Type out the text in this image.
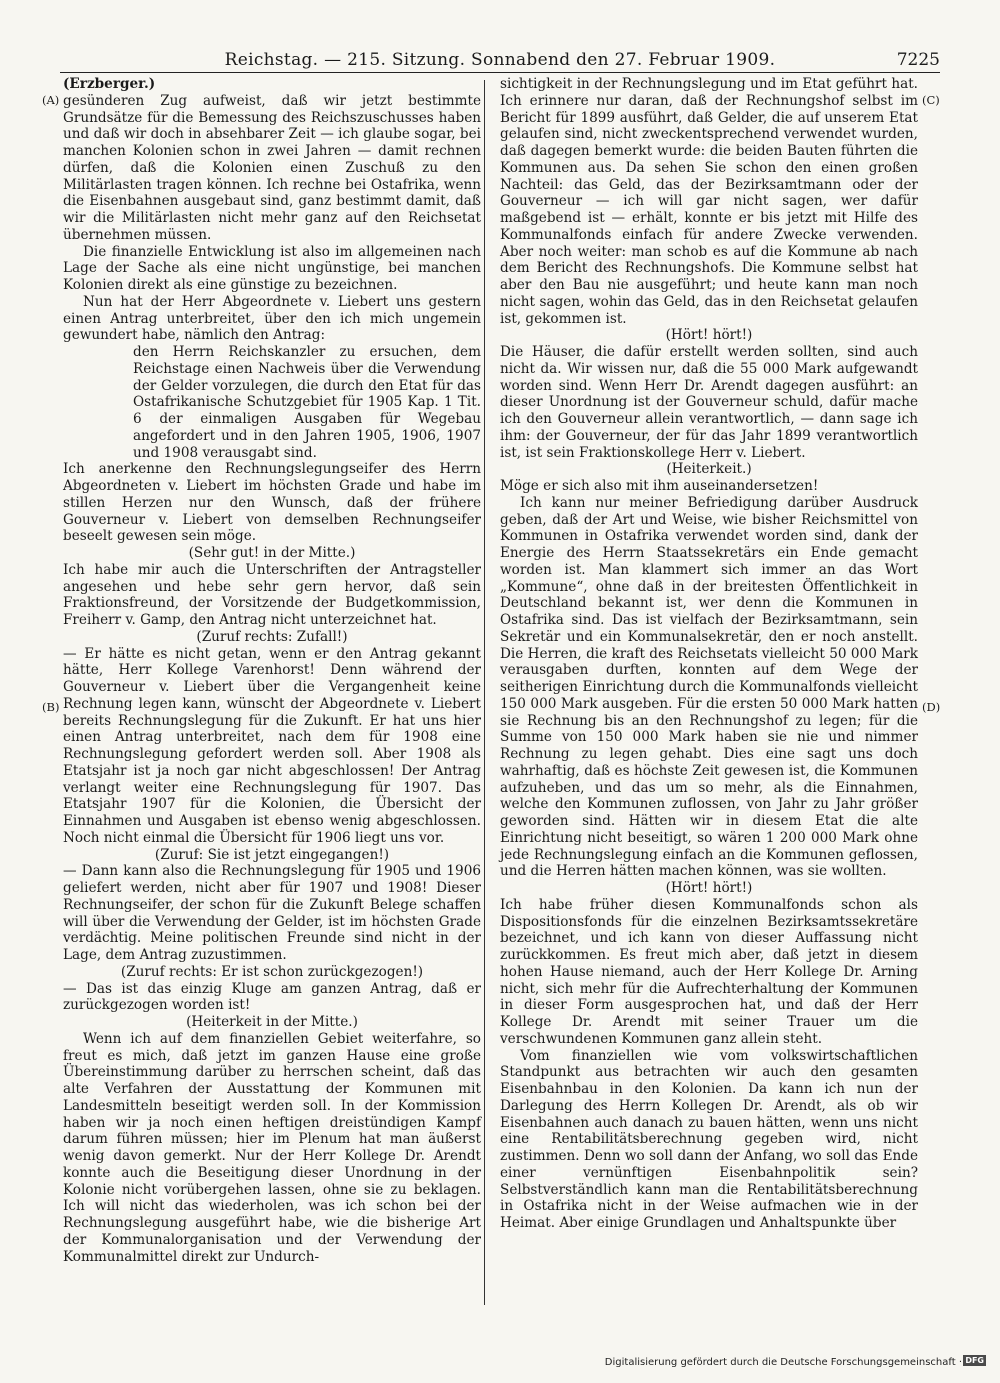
Reichstag. — 215. Sitzung. Sonnabend den 27. Februar 1909.	7225
(A)
(B)
(C)
(D)

(Erzberger.)

gesünderen Zug aufweist, daß wir jetzt bestimmte Grundsätze für die Bemessung des Reichszuschusses haben und daß wir doch in absehbarer Zeit — ich glaube sogar, bei manchen Kolonien schon in zwei Jahren — damit rechnen dürfen, daß die Kolonien einen Zuschuß zu den Militärlasten tragen können. Ich rechne bei Ostafrika, wenn die Eisenbahnen ausgebaut sind, ganz bestimmt damit, daß wir die Militärlasten nicht mehr ganz auf den Reichsetat übernehmen müssen.

Die finanzielle Entwicklung ist also im allgemeinen nach Lage der Sache als eine nicht ungünstige, bei manchen Kolonien direkt als eine günstige zu bezeichnen.

Nun hat der Herr Abgeordnete v. Liebert uns gestern einen Antrag unterbreitet, über den ich mich ungemein gewundert habe, nämlich den Antrag:

den Herrn Reichskanzler zu ersuchen, dem Reichstage einen Nachweis über die Verwendung der Gelder vorzulegen, die durch den Etat für das Ostafrikanische Schutzgebiet für 1905 Kap. 1 Tit. 6 der einmaligen Ausgaben für Wegebau angefordert und in den Jahren 1905, 1906, 1907 und 1908 verausgabt sind.

Ich anerkenne den Rechnungslegungseifer des Herrn Abgeordneten v. Liebert im höchsten Grade und habe im stillen Herzen nur den Wunsch, daß der frühere Gouverneur v. Liebert von demselben Rechnungseifer beseelt gewesen sein möge.

(Sehr gut! in der Mitte.)

Ich habe mir auch die Unterschriften der Antragsteller angesehen und hebe sehr gern hervor, daß sein Fraktionsfreund, der Vorsitzende der Budgetkommission, Freiherr v. Gamp, den Antrag nicht unterzeichnet hat.

(Zuruf rechts: Zufall!)

— Er hätte es nicht getan, wenn er den Antrag gekannt hätte, Herr Kollege Varenhorst! Denn während der Gouverneur v. Liebert über die Vergangenheit keine Rechnung legen kann, wünscht der Abgeordnete v. Liebert bereits Rechnungslegung für die Zukunft. Er hat uns hier einen Antrag unterbreitet, nach dem für 1908 eine Rechnungslegung gefordert werden soll. Aber 1908 als Etatsjahr ist ja noch gar nicht abgeschlossen! Der Antrag verlangt weiter eine Rechnungslegung für 1907. Das Etatsjahr 1907 für die Kolonien, die Übersicht der Einnahmen und Ausgaben ist ebenso wenig abgeschlossen. Noch nicht einmal die Übersicht für 1906 liegt uns vor.

(Zuruf: Sie ist jetzt eingegangen!)

— Dann kann also die Rechnungslegung für 1905 und 1906 geliefert werden, nicht aber für 1907 und 1908! Dieser Rechnungseifer, der schon für die Zukunft Belege schaffen will über die Verwendung der Gelder, ist im höchsten Grade verdächtig. Meine politischen Freunde sind nicht in der Lage, dem Antrag zuzustimmen.

(Zuruf rechts: Er ist schon zurückgezogen!)

— Das ist das einzig Kluge am ganzen Antrag, daß er zurückgezogen worden ist!

(Heiterkeit in der Mitte.)

Wenn ich auf dem finanziellen Gebiet weiterfahre, so freut es mich, daß jetzt im ganzen Hause eine große Übereinstimmung darüber zu herrschen scheint, daß das alte Verfahren der Ausstattung der Kommunen mit Landesmitteln beseitigt werden soll. In der Kommission haben wir ja noch einen heftigen dreistündigen Kampf darum führen müssen; hier im Plenum hat man äußerst wenig davon gemerkt. Nur der Herr Kollege Dr. Arendt konnte auch die Beseitigung dieser Unordnung in der Kolonie nicht vorübergehen lassen, ohne sie zu beklagen. Ich will nicht das wiederholen, was ich schon bei der Rechnungslegung ausgeführt habe, wie die bisherige Art der Kommunalorganisation und der Verwendung der Kommunalmittel direkt zur Undurch-

sichtigkeit in der Rechnungslegung und im Etat geführt hat. Ich erinnere nur daran, daß der Rechnungshof selbst im Bericht für 1899 ausführt, daß Gelder, die auf unserem Etat gelaufen sind, nicht zweckentsprechend verwendet wurden, daß dagegen bemerkt wurde: die beiden Bauten führten die Kommunen aus. Da sehen Sie schon den einen großen Nachteil: das Geld, das der Bezirksamtmann oder der Gouverneur — ich will gar nicht sagen, wer dafür maßgebend ist — erhält, konnte er bis jetzt mit Hilfe des Kommunalfonds einfach für andere Zwecke verwenden. Aber noch weiter: man schob es auf die Kommune ab nach dem Bericht des Rechnungshofs. Die Kommune selbst hat aber den Bau nie ausgeführt; und heute kann man noch nicht sagen, wohin das Geld, das in den Reichsetat gelaufen ist, gekommen ist.

(Hört! hört!)

Die Häuser, die dafür erstellt werden sollten, sind auch nicht da. Wir wissen nur, daß die 55 000 Mark aufgewandt worden sind. Wenn Herr Dr. Arendt dagegen ausführt: an dieser Unordnung ist der Gouverneur schuld, dafür mache ich den Gouverneur allein verantwortlich, — dann sage ich ihm: der Gouverneur, der für das Jahr 1899 verantwortlich ist, ist sein Fraktionskollege Herr v. Liebert.

(Heiterkeit.)

Möge er sich also mit ihm auseinandersetzen!

Ich kann nur meiner Befriedigung darüber Ausdruck geben, daß der Art und Weise, wie bisher Reichsmittel von Kommunen in Ostafrika verwendet worden sind, dank der Energie des Herrn Staatssekretärs ein Ende gemacht worden ist. Man klammert sich immer an das Wort „Kommune“, ohne daß in der breitesten Öffentlichkeit in Deutschland bekannt ist, wer denn die Kommunen in Ostafrika sind. Das ist vielfach der Bezirksamtmann, sein Sekretär und ein Kommunalsekretär, den er noch anstellt. Die Herren, die kraft des Reichsetats vielleicht 50 000 Mark verausgaben durften, konnten auf dem Wege der seitherigen Einrichtung durch die Kommunalfonds vielleicht 150 000 Mark ausgeben. Für die ersten 50 000 Mark hatten sie Rechnung bis an den Rechnungshof zu legen; für die Summe von 150 000 Mark haben sie nie und nimmer Rechnung zu legen gehabt. Dies eine sagt uns doch wahrhaftig, daß es höchste Zeit gewesen ist, die Kommunen aufzuheben, und das um so mehr, als die Einnahmen, welche den Kommunen zuflossen, von Jahr zu Jahr größer geworden sind. Hätten wir in diesem Etat die alte Einrichtung nicht beseitigt, so wären 1 200 000 Mark ohne jede Rechnungslegung einfach an die Kommunen geflossen, und die Herren hätten machen können, was sie wollten.

(Hört! hört!)

Ich habe früher diesen Kommunalfonds schon als Dispositionsfonds für die einzelnen Bezirksamtssekretäre bezeichnet, und ich kann von dieser Auffassung nicht zurückkommen. Es freut mich aber, daß jetzt in diesem hohen Hause niemand, auch der Herr Kollege Dr. Arning nicht, sich mehr für die Aufrechterhaltung der Kommunen in dieser Form ausgesprochen hat, und daß der Herr Kollege Dr. Arendt mit seiner Trauer um die verschwundenen Kommunen ganz allein steht.

Vom finanziellen wie vom volkswirtschaftlichen Standpunkt aus betrachten wir auch den gesamten Eisenbahnbau in den Kolonien. Da kann ich nun der Darlegung des Herrn Kollegen Dr. Arendt, als ob wir Eisenbahnen auch danach zu bauen hätten, wenn uns nicht eine Rentabilitätsberechnung gegeben wird, nicht zustimmen. Denn wo soll dann der Anfang, wo soll das Ende einer vernünftigen Eisenbahnpolitik sein? Selbstverständlich kann man die Rentabilitätsberechnung in Ostafrika nicht in der Weise aufmachen wie in der Heimat. Aber einige Grundlagen und Anhaltspunkte über

Digitalisierung gefördert durch die Deutsche Forschungsgemeinschaft · DFG
